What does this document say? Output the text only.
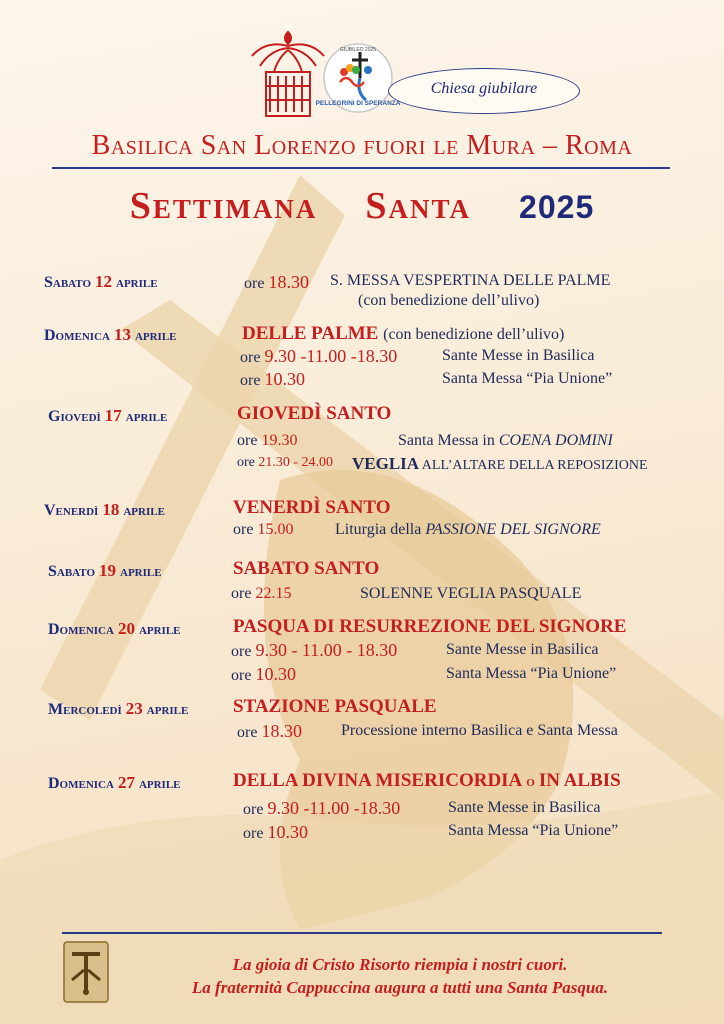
PELLEGRINI DI SPERANZA
GIUBILEO 2025
Chiesa giubilare
Basilica San Lorenzo fuori le Mura – Roma
Settimana Santa 2025
Sabato 12 aprile	ore 18.30 S. MESSA VESPERTINA DELLE PALME
(con benedizione dell’ulivo)
Domenica 13 aprile	DELLE PALME (con benedizione dell’ulivo)
ore 9.30 -11.00 -18.30	Sante Messe in Basilica
ore 10.30	Santa Messa “Pia Unione”
Giovedì 17 aprile	GIOVEDÌ SANTO
ore 19.30	Santa Messa in COENA DOMINI
ore 21.30 - 24.00 VEGLIA ALL’ALTARE DELLA REPOSIZIONE
Venerdì 18 aprile	VENERDÌ SANTO
ore 15.00	Liturgia della PASSIONE DEL SIGNORE
Sabato 19 aprile	SABATO SANTO
ore 22.15	SOLENNE VEGLIA PASQUALE
Domenica 20 aprile	PASQUA DI RESURREZIONE DEL SIGNORE
ore 9.30 - 11.00 - 18.30	Sante Messe in Basilica
ore 10.30	Santa Messa “Pia Unione”
Mercoledì 23 aprile STAZIONE PASQUALE
ore 18.30 Processione interno Basilica e Santa Messa
Domenica 27 aprile	DELLA DIVINA MISERICORDIA o IN ALBIS
ore 9.30 -11.00 -18.30	Sante Messe in Basilica
ore 10.30	Santa Messa “Pia Unione”
La gioia di Cristo Risorto riempia i nostri cuori.
La fraternità Cappuccina augura a tutti una Santa Pasqua.
